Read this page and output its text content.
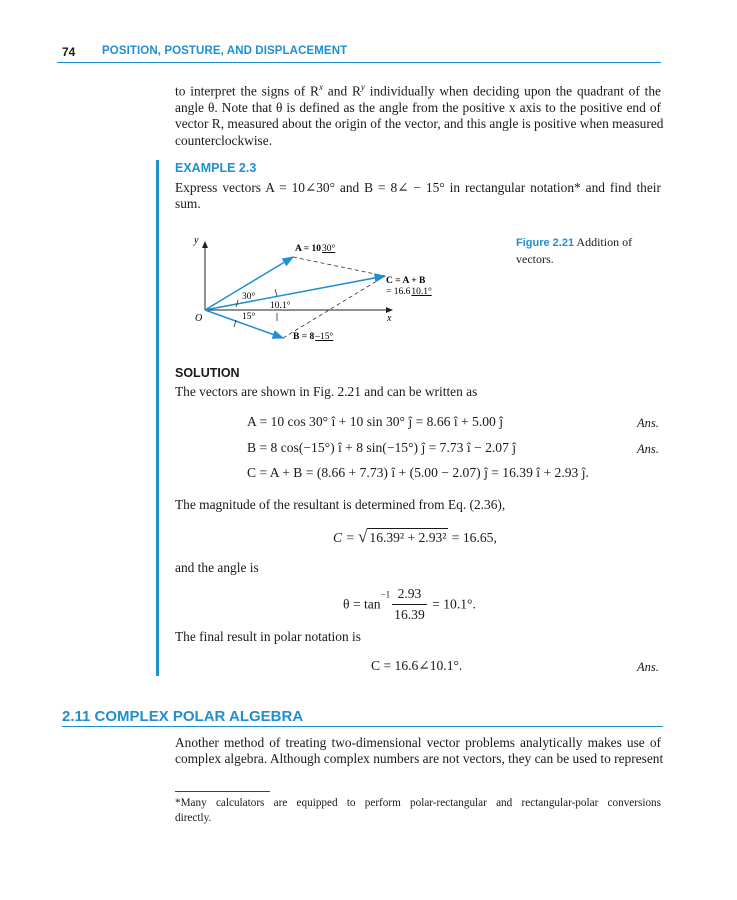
74 POSITION, POSTURE, AND DISPLACEMENT
to interpret the signs of $R^x$ and $R^y$ individually when deciding upon the quadrant of the
angle θ. Note that θ is defined as the angle from the positive x axis to the positive end of
vector R, measured about the origin of the vector, and this angle is positive when measured
counterclockwise.
EXAMPLE 2.3
Express vectors A = 10∠30° and B = 8∠ − 15° in rectangular notation* and find their
sum.
y
x
O
A = 1030°
C = A + B
= 16.610.1°
B = 8–15°
30°
10.1°
15°
Figure 2.21 Addition of vectors.
SOLUTION
The vectors are shown in Fig. 2.21 and can be written as
A = 10 cos 30° î + 10 sin 30° ĵ = 8.66 î + 5.00 ĵ	Ans.
B = 8 cos(−15°) î + 8 sin(−15°) ĵ = 7.73 î − 2.07 ĵ	Ans.
C = A + B = (8.66 + 7.73) î + (5.00 − 2.07) ĵ = 16.39 î + 2.93 ĵ.
The magnitude of the resultant is determined from Eq. (2.36),
C = √ 16.39² + 2.93² = 16.65,
and the angle is
$\theta = \tan^{-1} \frac{2.93}{16.39} = 10.1^\circ$.
The final result in polar notation is
C = 16.6∠10.1°.	Ans.
2.11 COMPLEX POLAR ALGEBRA
Another method of treating two-dimensional vector problems analytically makes use of
complex algebra. Although complex numbers are not vectors, they can be used to represent
*Many calculators are equipped to perform polar-rectangular and rectangular-polar conversions
directly.
